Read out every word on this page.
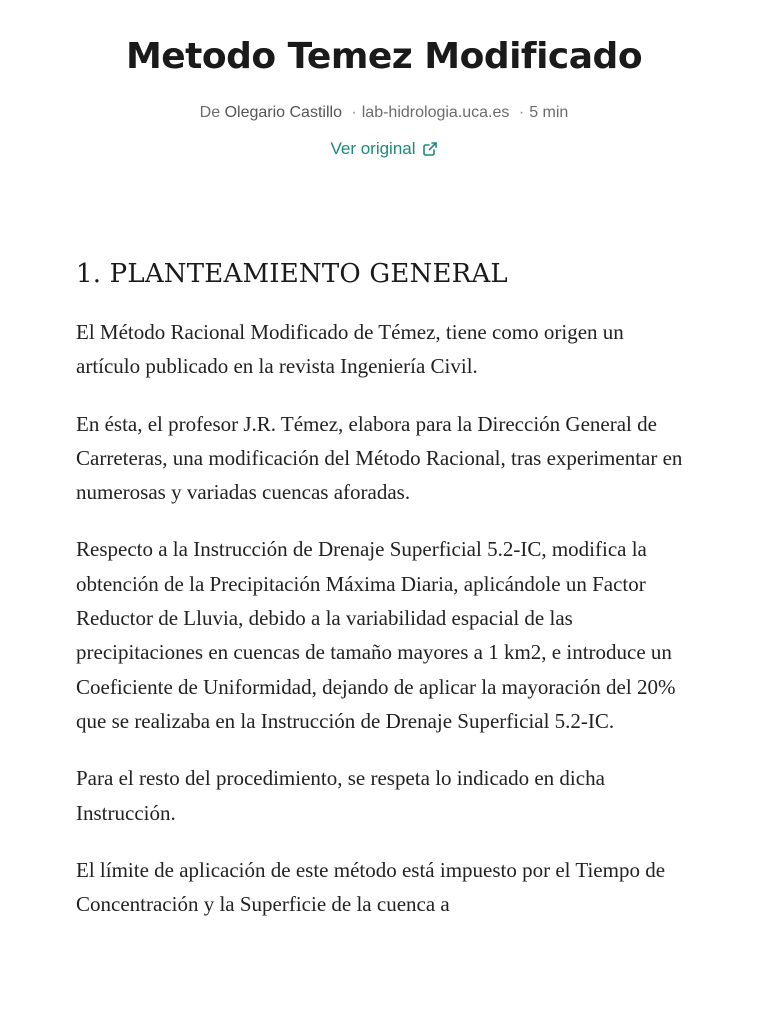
Metodo Temez Modificado
De Olegario Castillo · lab-hidrologia.uca.es · 5 min
Ver original
1. PLANTEAMIENTO GENERAL

El Método Racional Modificado de Témez, tiene como origen un artículo publicado en la revista Ingeniería Civil.

En ésta, el profesor J.R. Témez, elabora para la Dirección General de Carreteras, una modificación del Método Racional, tras experimentar en numerosas y variadas cuencas aforadas.

Respecto a la Instrucción de Drenaje Superficial 5.2-IC, modifica la obtención de la Precipitación Máxima Diaria, aplicándole un Factor Reductor de Lluvia, debido a la variabilidad espacial de las precipitaciones en cuencas de tamaño mayores a 1 km2, e introduce un Coeficiente de Uniformidad, dejando de aplicar la mayoración del 20% que se realizaba en la Instrucción de Drenaje Superficial 5.2-IC.

Para el resto del procedimiento, se respeta lo indicado en dicha Instrucción.

El límite de aplicación de este método está impuesto por el Tiempo de Concentración y la Superficie de la cuenca a
